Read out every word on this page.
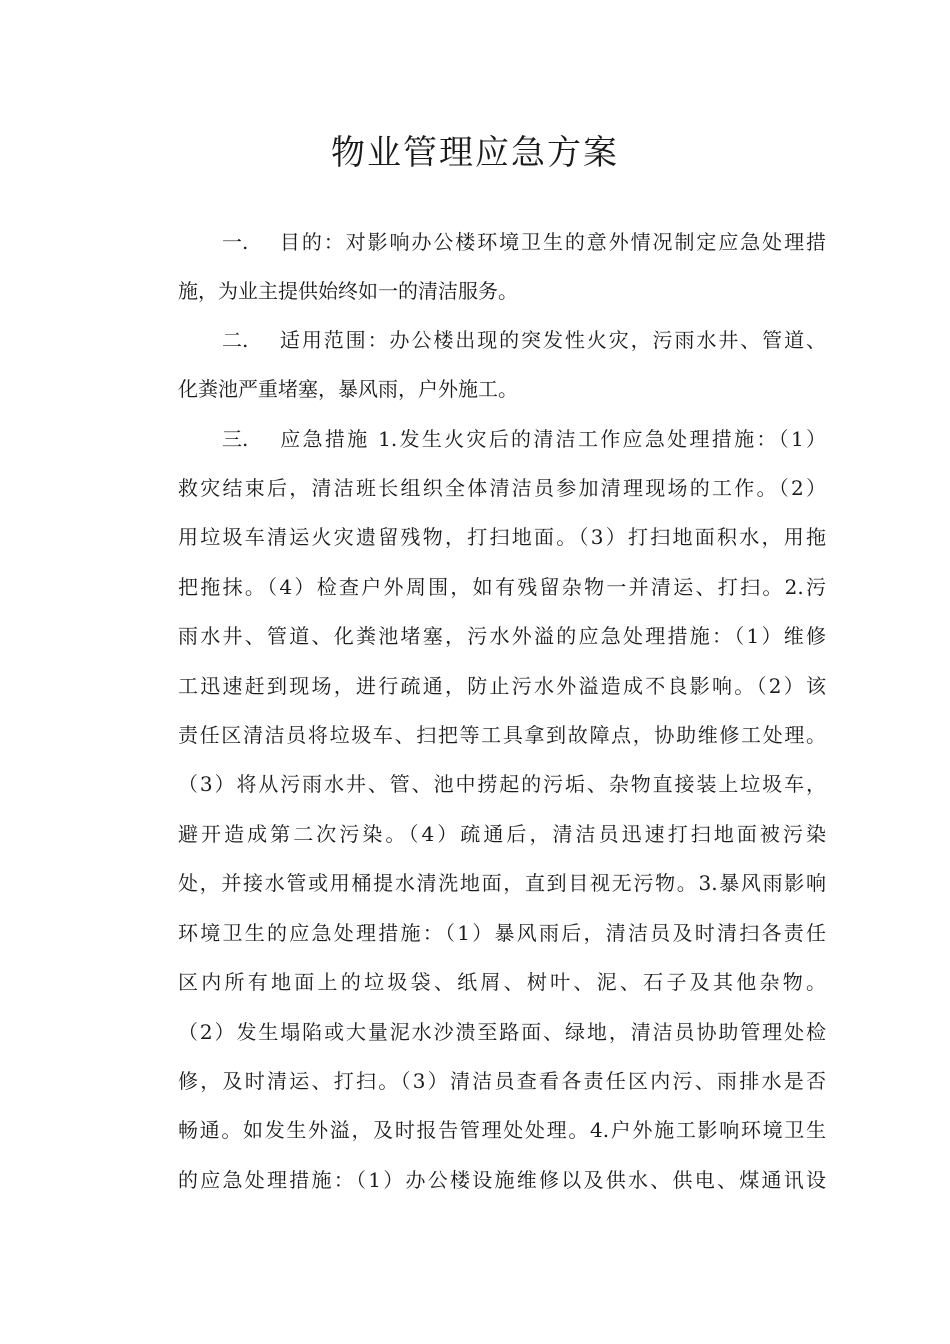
物业管理应急方案
一. 目的：对影响办公楼环境卫生的意外情况制定应急处理措
施，为业主提供始终如一的清洁服务。
二. 适用范围：办公楼出现的突发性火灾，污雨水井、管道、
化粪池严重堵塞，暴风雨，户外施工。
三. 应急措施 1.发生火灾后的清洁工作应急处理措施：（1）
救灾结束后，清洁班长组织全体清洁员参加清理现场的工作。（2）
用垃圾车清运火灾遗留残物，打扫地面。（3）打扫地面积水，用拖
把拖抹。（4）检查户外周围，如有残留杂物一并清运、打扫。2.污
雨水井、管道、化粪池堵塞，污水外溢的应急处理措施：（1）维修
工迅速赶到现场，进行疏通，防止污水外溢造成不良影响。（2）该
责任区清洁员将垃圾车、扫把等工具拿到故障点，协助维修工处理。
（3）将从污雨水井、管、池中捞起的污垢、杂物直接装上垃圾车，
避开造成第二次污染。（4）疏通后，清洁员迅速打扫地面被污染
处，并接水管或用桶提水清洗地面，直到目视无污物。3.暴风雨影响
环境卫生的应急处理措施：（1）暴风雨后，清洁员及时清扫各责任
区内所有地面上的垃圾袋、纸屑、树叶、泥、石子及其他杂物。
（2）发生塌陷或大量泥水沙溃至路面、绿地，清洁员协助管理处检
修，及时清运、打扫。（3）清洁员查看各责任区内污、雨排水是否
畅通。如发生外溢，及时报告管理处处理。4.户外施工影响环境卫生
的应急处理措施：（1）办公楼设施维修以及供水、供电、煤通讯设
